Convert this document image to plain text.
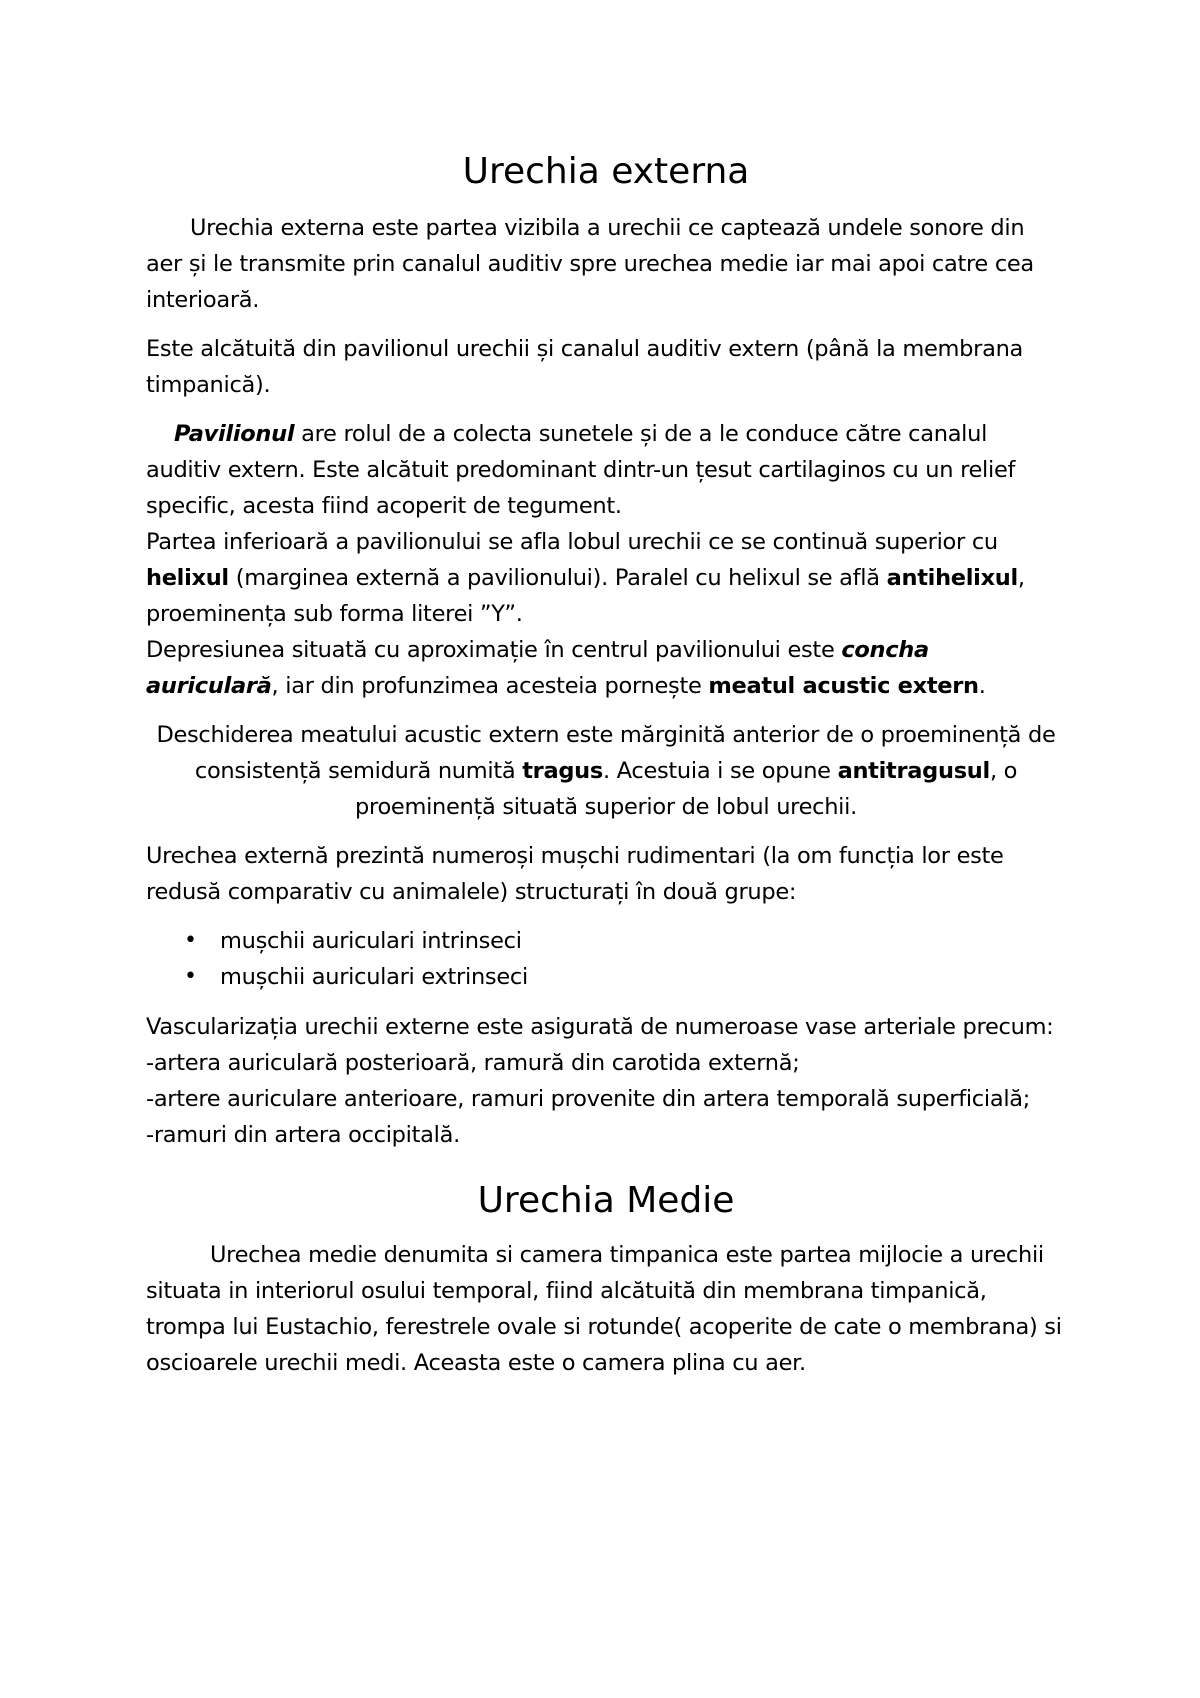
Urechia externa

Urechia externa este partea vizibila a urechii ce captează undele sonore din aer și le transmite prin canalul auditiv spre urechea medie iar mai apoi catre cea interioară.

Este alcătuită din pavilionul urechii și canalul auditiv extern (până la membrana timpanică).

Pavilionul are rolul de a colecta sunetele și de a le conduce către canalul auditiv extern. Este alcătuit predominant dintr-un țesut cartilaginos cu un relief specific, acesta fiind acoperit de tegument.

Partea inferioară a pavilionului se afla lobul urechii ce se continuă superior cu helixul (marginea externă a pavilionului). Paralel cu helixul se află antihelixul, proeminența sub forma literei ”Y”.

Depresiunea situată cu aproximație în centrul pavilionului este concha auriculară, iar din profunzimea acesteia pornește meatul acustic extern.

Deschiderea meatului acustic extern este mărginită anterior de o proeminență de consistență semidură numită tragus. Acestuia i se opune antitragusul, o proeminență situată superior de lobul urechii.

Urechea externă prezintă numeroși mușchi rudimentari (la om funcția lor este redusă comparativ cu animalele) structurați în două grupe:

• mușchii auriculari intrinseci
• mușchii auriculari extrinseci

Vascularizația urechii externe este asigurată de numeroase vase arteriale precum:

-artera auriculară posterioară, ramură din carotida externă;

-artere auriculare anterioare, ramuri provenite din artera temporală superficială;

-ramuri din artera occipitală.

Urechia Medie

Urechea medie denumita si camera timpanica este partea mijlocie a urechii situata in interiorul osului temporal, fiind alcătuită din membrana timpanică, trompa lui Eustachio, ferestrele ovale si rotunde( acoperite de cate o membrana) si oscioarele urechii medi. Aceasta este o camera plina cu aer.
